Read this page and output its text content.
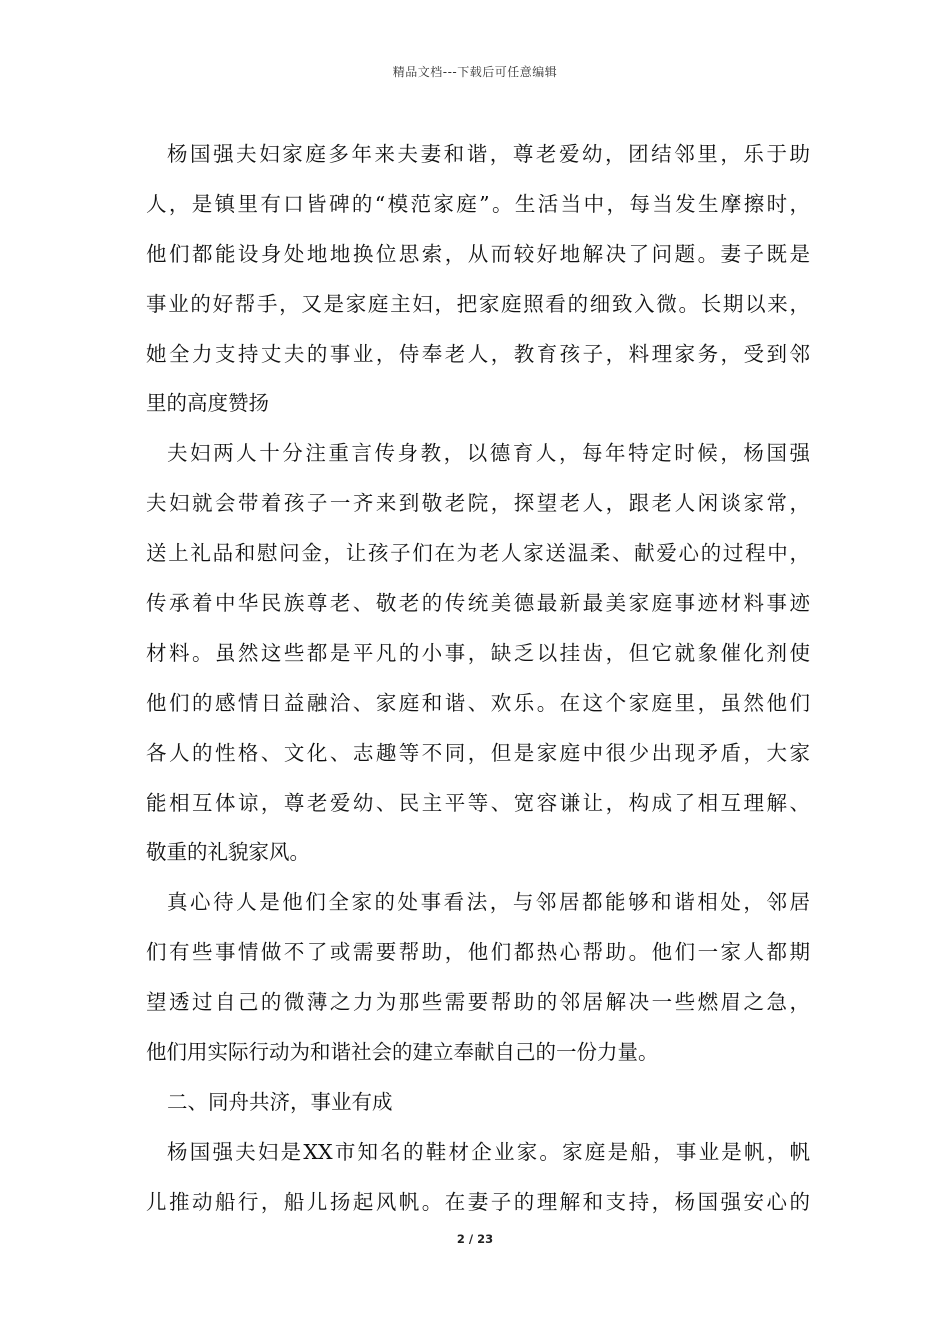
精品文档---下载后可任意编辑
杨国强夫妇家庭多年来夫妻和谐，尊老爱幼，团结邻里，乐于助
人，是镇里有口皆碑的“模范家庭”。生活当中，每当发生摩擦时，
他们都能设身处地地换位思索，从而较好地解决了问题。妻子既是
事业的好帮手，又是家庭主妇，把家庭照看的细致入微。长期以来，
她全力支持丈夫的事业，侍奉老人，教育孩子，料理家务，受到邻
里的高度赞扬
夫妇两人十分注重言传身教，以德育人，每年特定时候，杨国强
夫妇就会带着孩子一齐来到敬老院，探望老人，跟老人闲谈家常，
送上礼品和慰问金，让孩子们在为老人家送温柔、献爱心的过程中，
传承着中华民族尊老、敬老的传统美德最新最美家庭事迹材料事迹
材料。虽然这些都是平凡的小事，缺乏以挂齿，但它就象催化剂使
他们的感情日益融洽、家庭和谐、欢乐。在这个家庭里，虽然他们
各人的性格、文化、志趣等不同，但是家庭中很少出现矛盾，大家
能相互体谅，尊老爱幼、民主平等、宽容谦让，构成了相互理解、
敬重的礼貌家风。
真心待人是他们全家的处事看法，与邻居都能够和谐相处，邻居
们有些事情做不了或需要帮助，他们都热心帮助。他们一家人都期
望透过自己的微薄之力为那些需要帮助的邻居解决一些燃眉之急，
他们用实际行动为和谐社会的建立奉献自己的一份力量。
二、同舟共济，事业有成
杨国强夫妇是XX市知名的鞋材企业家。家庭是船，事业是帆，帆
儿推动船行，船儿扬起风帆。在妻子的理解和支持，杨国强安心的
2 / 23
